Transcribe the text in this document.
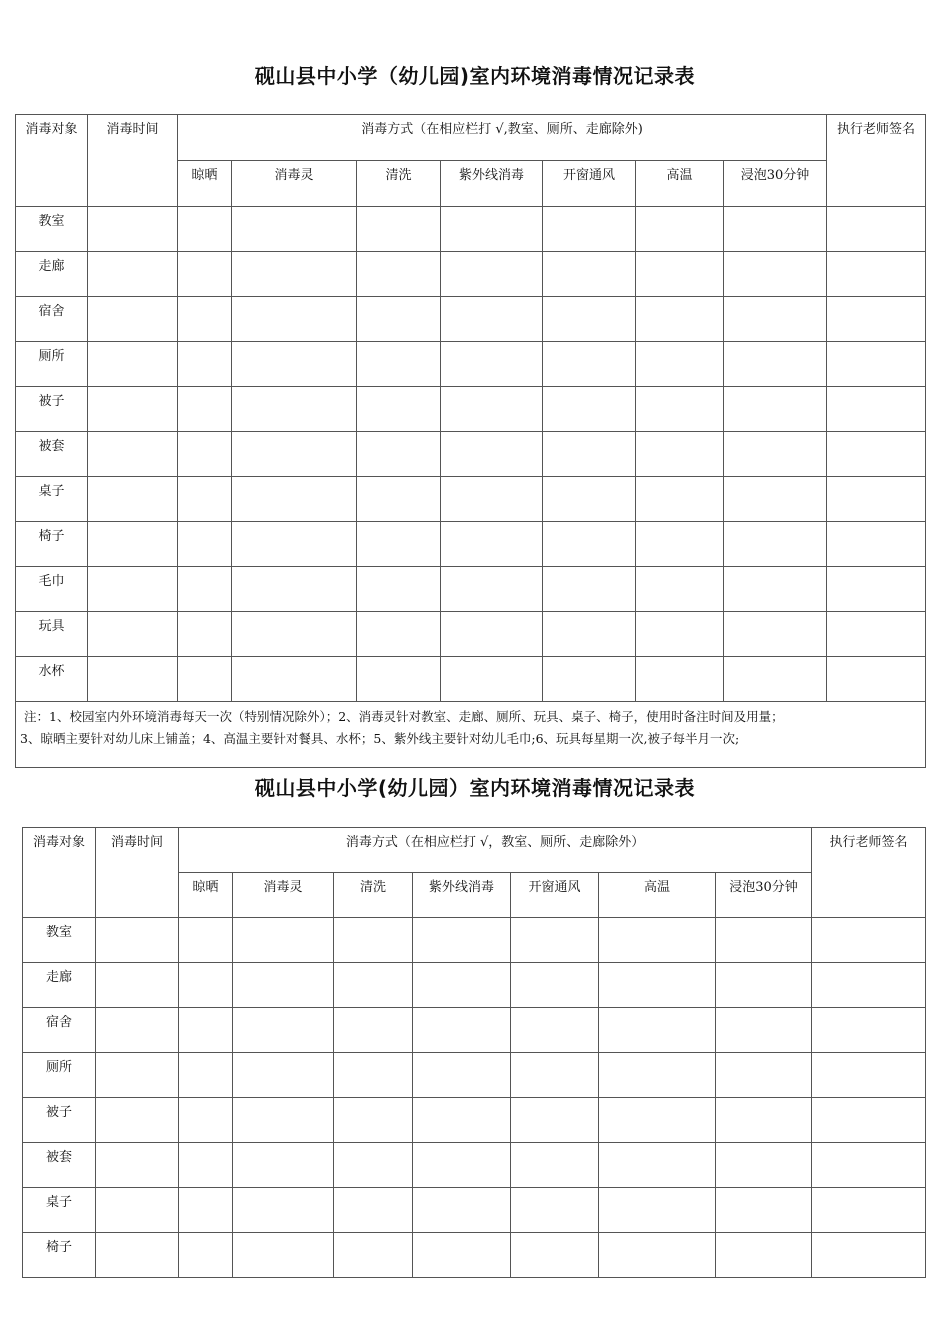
砚山县中小学（幼儿园)室内环境消毒情况记录表
消毒对象	消毒时间	消毒方式（在相应栏打 √,教室、厕所、走廊除外)							执行老师签名
		晾晒	消毒灵	清洗	紫外线消毒	开窗通风	高温	浸泡30分钟	
教室									
走廊									
宿舍									
厕所									
被子									
被套									
桌子									
椅子									
毛巾									
玩具									
水杯									

注：1、校园室内外环境消毒每天一次（特别情况除外）；2、消毒灵针对教室、走廊、厕所、玩具、桌子、椅子，使用时备注时间及用量；
3、晾晒主要针对幼儿床上铺盖；4、高温主要针对餐具、水杯；5、紫外线主要针对幼儿毛巾;6、玩具每星期一次,被子每半月一次;									
砚山县中小学(幼儿园）室内环境消毒情况记录表
消毒对象	消毒时间	消毒方式（在相应栏打 √，教室、厕所、走廊除外）							执行老师签名
		晾晒	消毒灵	清洗	紫外线消毒	开窗通风	高温	浸泡30分钟	
教室									
走廊									
宿舍									
厕所									
被子									
被套									
桌子									
椅子									
